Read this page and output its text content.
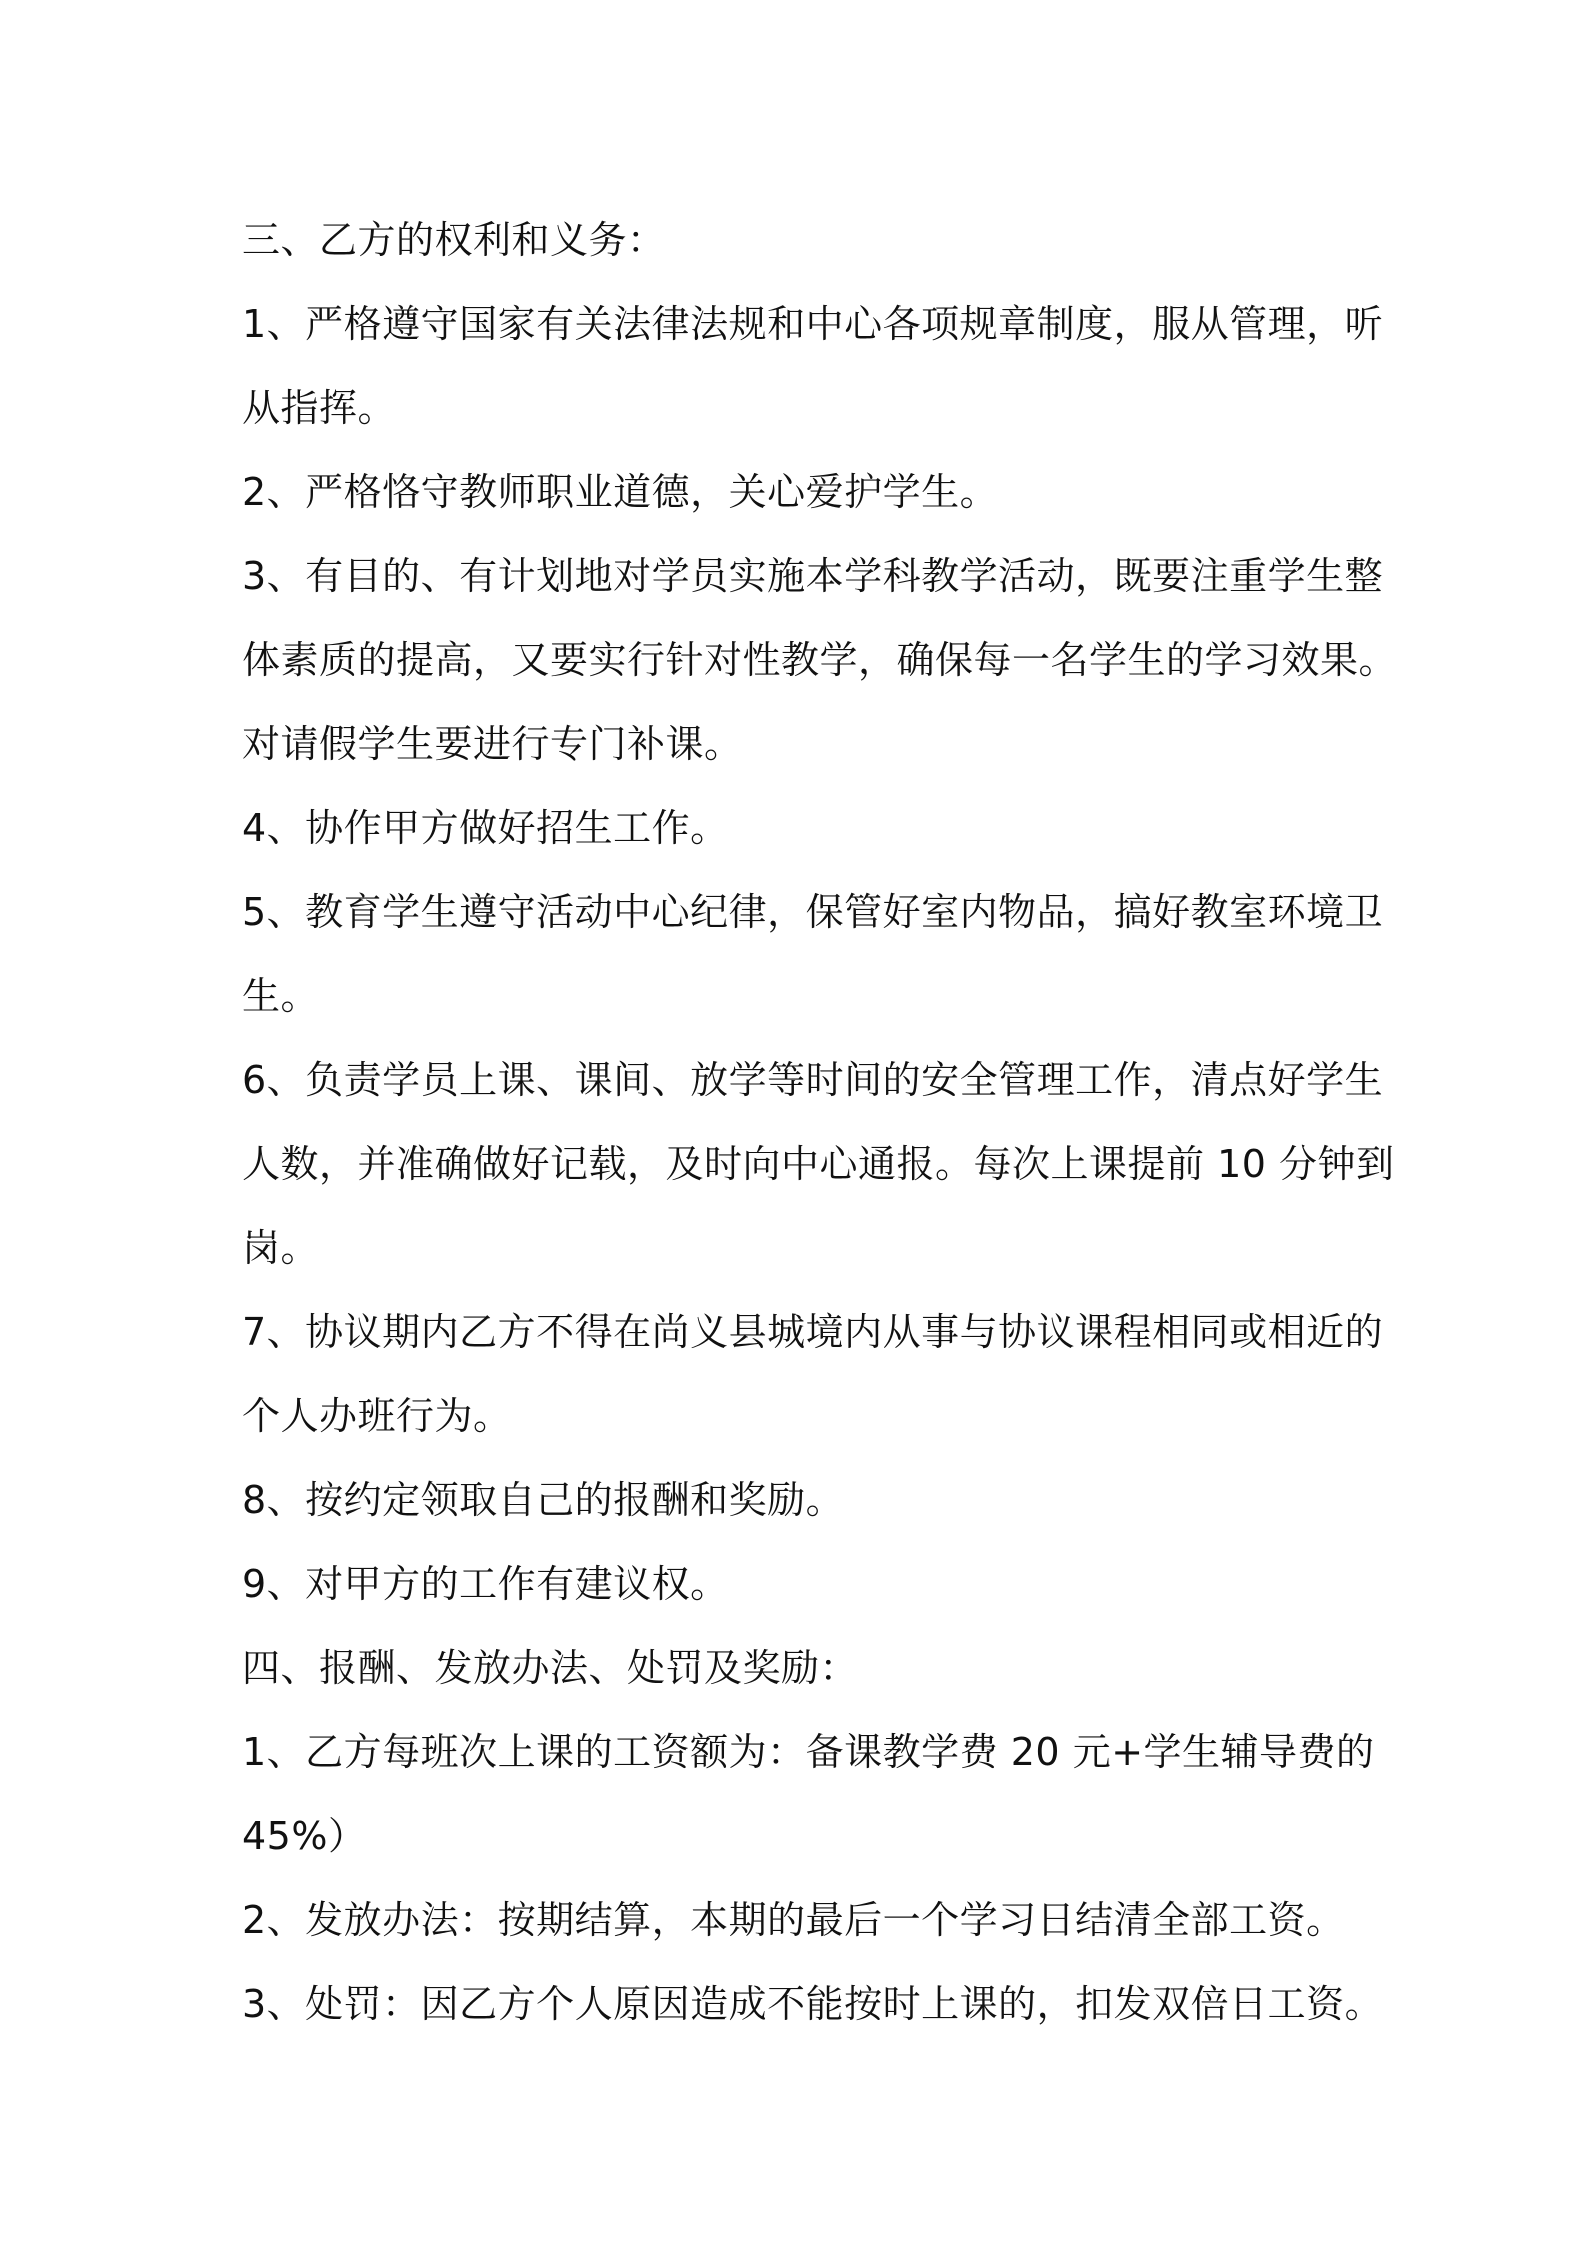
三、乙方的权利和义务：

1、严格遵守国家有关法律法规和中心各项规章制度，服从管理，听

从指挥。

2、严格恪守教师职业道德，关心爱护学生。

3、有目的、有计划地对学员实施本学科教学活动，既要注重学生整

体素质的提高，又要实行针对性教学，确保每一名学生的学习效果。

对请假学生要进行专门补课。

4、协作甲方做好招生工作。

5、教育学生遵守活动中心纪律，保管好室内物品，搞好教室环境卫

生。

6、负责学员上课、课间、放学等时间的安全管理工作，清点好学生

人数，并准确做好记载，及时向中心通报。每次上课提前 10 分钟到

岗。

7、协议期内乙方不得在尚义县城境内从事与协议课程相同或相近的

个人办班行为。

8、按约定领取自己的报酬和奖励。

9、对甲方的工作有建议权。

四、报酬、发放办法、处罚及奖励：

1、乙方每班次上课的工资额为：备课教学费 20 元+学生辅导费的

45%）

2、发放办法：按期结算，本期的最后一个学习日结清全部工资。

3、处罚：因乙方个人原因造成不能按时上课的，扣发双倍日工资。
